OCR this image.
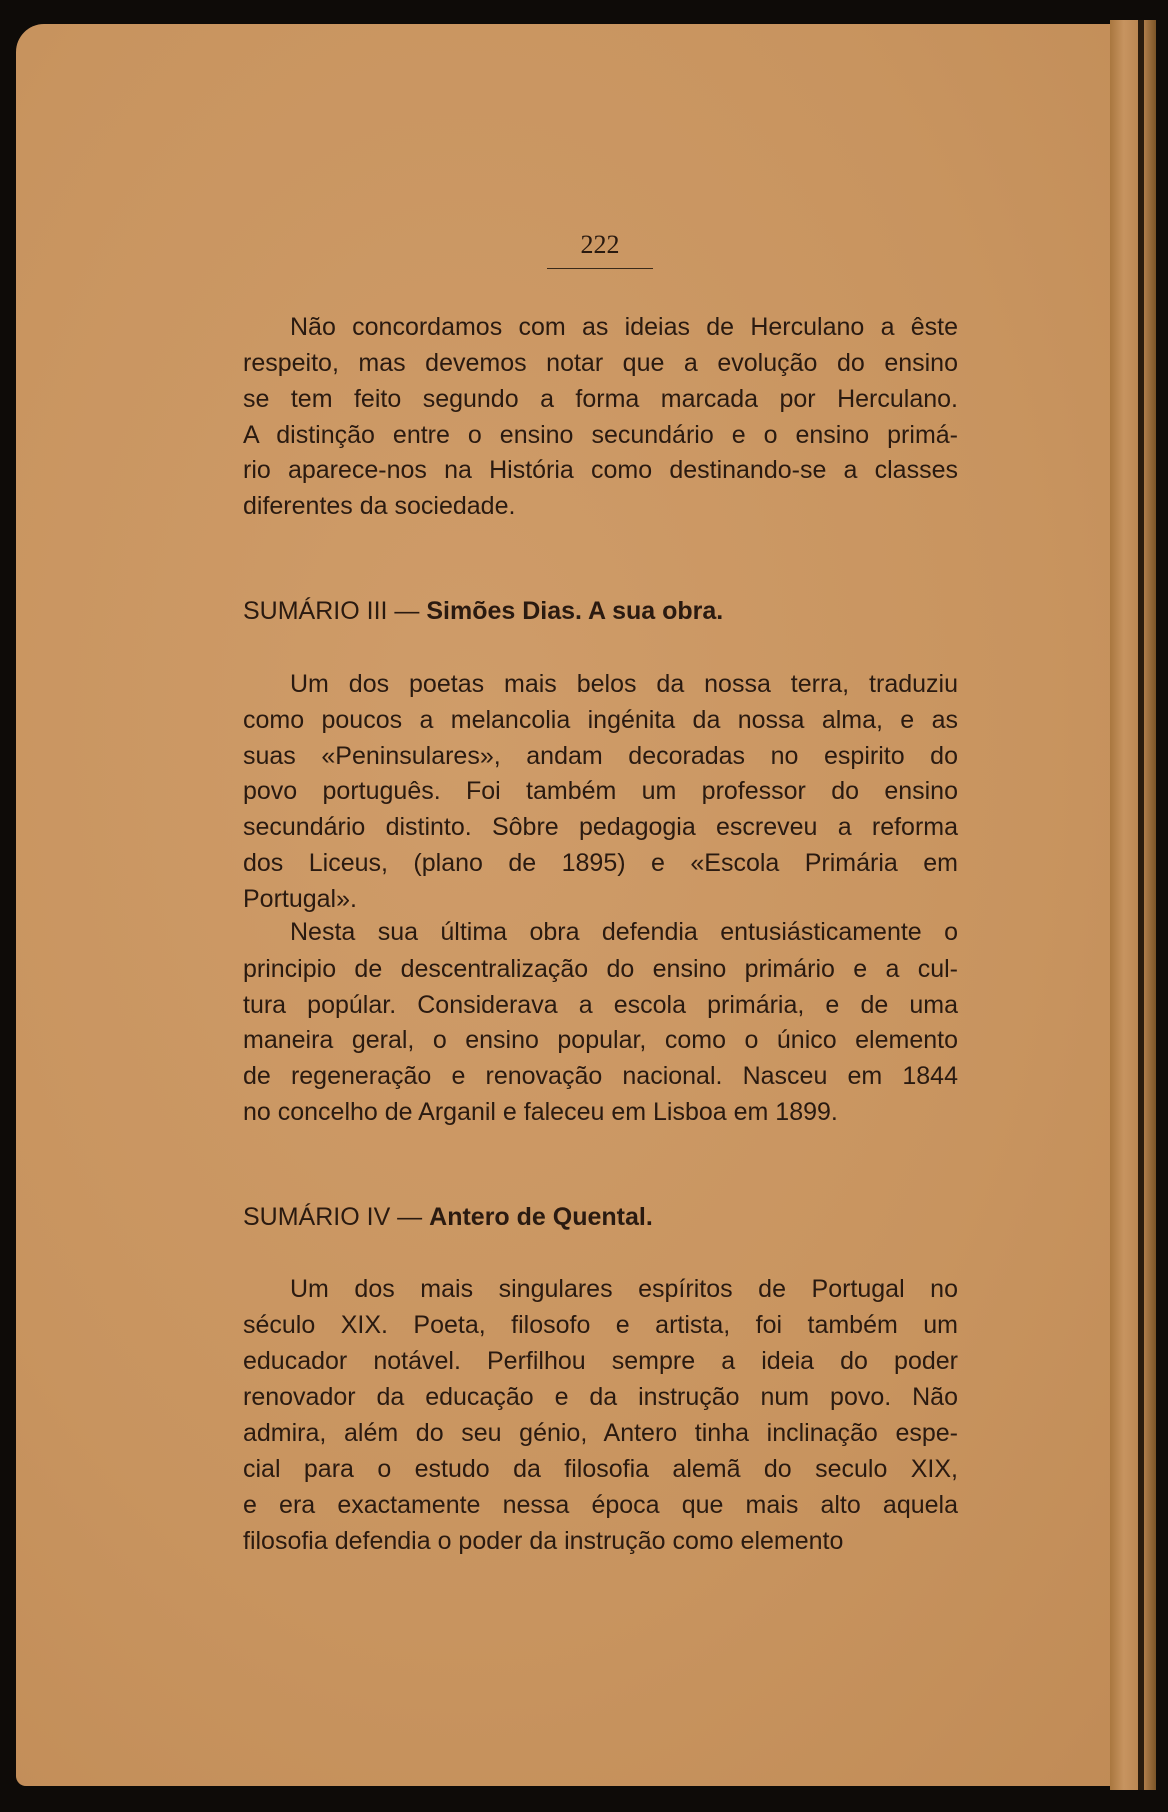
222
Não concordamos com as ideias de Herculano a êste
respeito, mas devemos notar que a evolução do ensino
se tem feito segundo a forma marcada por Herculano.
A distinção entre o ensino secundário e o ensino primá-
rio aparece-nos na História como destinando-se a classes
diferentes da sociedade.
SUMÁRIO III — Simões Dias. A sua obra.
Um dos poetas mais belos da nossa terra, traduziu
como poucos a melancolia ingénita da nossa alma, e as
suas «Peninsulares», andam decoradas no espirito do
povo português. Foi também um professor do ensino
secundário distinto. Sôbre pedagogia escreveu a reforma
dos Liceus, (plano de 1895) e «Escola Primária em
Portugal».
Nesta sua última obra defendia entusiásticamente o
principio de descentralização do ensino primário e a cul-
tura popúlar. Considerava a escola primária, e de uma
maneira geral, o ensino popular, como o único elemento
de regeneração e renovação nacional. Nasceu em 1844
no concelho de Arganil e faleceu em Lisboa em 1899.
SUMÁRIO IV — Antero de Quental.
Um dos mais singulares espíritos de Portugal no
século XIX. Poeta, filosofo e artista, foi também um
educador notável. Perfilhou sempre a ideia do poder
renovador da educação e da instrução num povo. Não
admira, além do seu génio, Antero tinha inclinação espe-
cial para o estudo da filosofia alemã do seculo XIX,
e era exactamente nessa época que mais alto aquela
filosofia defendia o poder da instrução como elemento
